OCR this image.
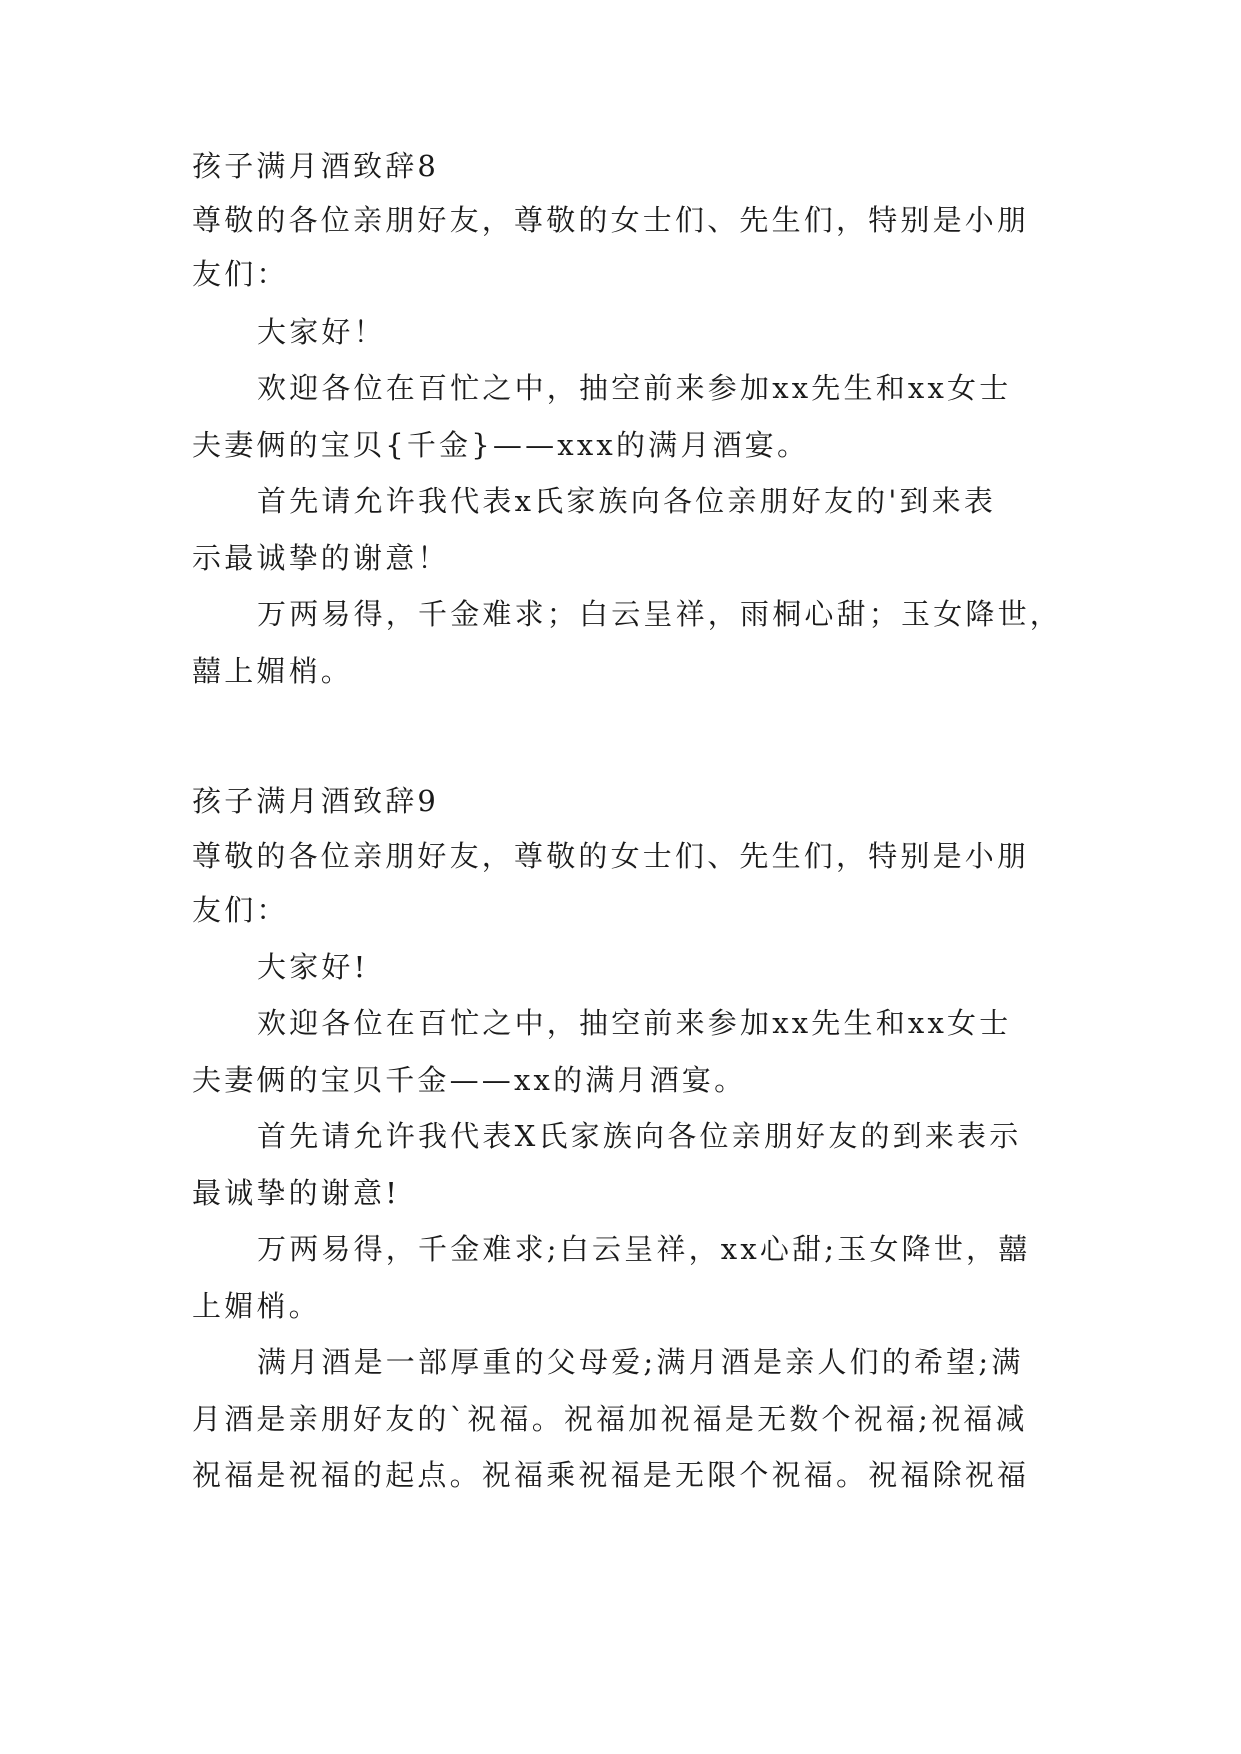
孩子满月酒致辞8
尊敬的各位亲朋好友，尊敬的女士们、先生们，特别是小朋
友们：
大家好！
欢迎各位在百忙之中，抽空前来参加xx先生和xx女士
夫妻俩的宝贝{千金}——xxx的满月酒宴。
首先请允许我代表x氏家族向各位亲朋好友的'到来表
示最诚挚的谢意！
万两易得，千金难求；白云呈祥，雨桐心甜；玉女降世，
囍上媚梢。
孩子满月酒致辞9
尊敬的各位亲朋好友，尊敬的女士们、先生们，特别是小朋
友们：
大家好!
欢迎各位在百忙之中，抽空前来参加xx先生和xx女士
夫妻俩的宝贝千金——xx的满月酒宴。
首先请允许我代表X氏家族向各位亲朋好友的到来表示
最诚挚的谢意!
万两易得，千金难求;白云呈祥，xx心甜;玉女降世，囍
上媚梢。
满月酒是一部厚重的父母爱;满月酒是亲人们的希望;满
月酒是亲朋好友的`祝福。祝福加祝福是无数个祝福;祝福减
祝福是祝福的起点。祝福乘祝福是无限个祝福。祝福除祝福
